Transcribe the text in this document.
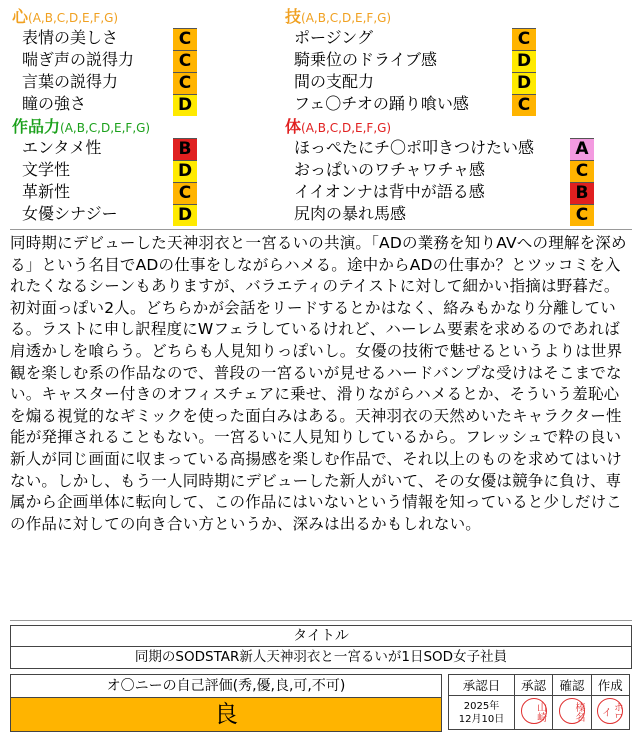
心(A,B,C,D,E,F,G)	技(A,B,C,D,E,F,G)
作品力(A,B,C,D,E,F,G)	体(A,B,C,D,E,F,G)
表情の美しさ	C
喘ぎ声の説得力	C
言葉の説得力	C
瞳の強さ	D
ポージング	C
騎乗位のドライブ感	D
間の支配力	D
フェ〇チオの踊り喰い感	C
エンタメ性	B
文学性	D
革新性	C
女優シナジー	D
ほっぺたにチ〇ポ叩きつけたい感	A
おっぱいのワチャワチャ感	C
イイオンナは背中が語る感	B
尻肉の暴れ馬感	C

同時期にデビューした天神羽衣と一宮るいの共演。「ADの業務を知りAVへの理解を深める」という名目でADの仕事をしながらハメる。途中からADの仕事か？とツッコミを入れたくなるシーンもありますが、バラエティのテイストに対して細かい指摘は野暮だ。

初対面っぽい2人。どちらかが会話をリードするとかはなく、絡みもかなり分離している。ラストに申し訳程度にWフェラしているけれど、ハーレム要素を求めるのであれば肩透かしを喰らう。どちらも人見知りっぽいし。女優の技術で魅せるというよりは世界観を楽しむ系の作品なので、普段の一宮るいが見せるハードバンプな受けはそこまでない。キャスター付きのオフィスチェアに乗せ、滑りながらハメるとか、そういう羞恥心を煽る視覚的なギミックを使った面白みはある。天神羽衣の天然めいたキャラクター性能が発揮されることもない。一宮るいに人見知りしているから。フレッシュで粋の良い新人が同じ画面に収まっている高揚感を楽しむ作品で、それ以上のものを求めてはいけない。しかし、もう一人同時期にデビューした新人がいて、その女優は競争に負け、専属から企画単体に転向して、この作品にはいないという情報を知っていると少しだけこの作品に対しての向き合い方というか、深みは出るかもしれない。

タイトル
同期のSODSTAR新人天神羽衣と一宮るいが1日SOD女子社員
オ〇ニーの自己評価(秀,優,良,可,不可)
良
承認日	承認	確認	作成

2025年
12月10日	山崎	榛名	ホワイ
